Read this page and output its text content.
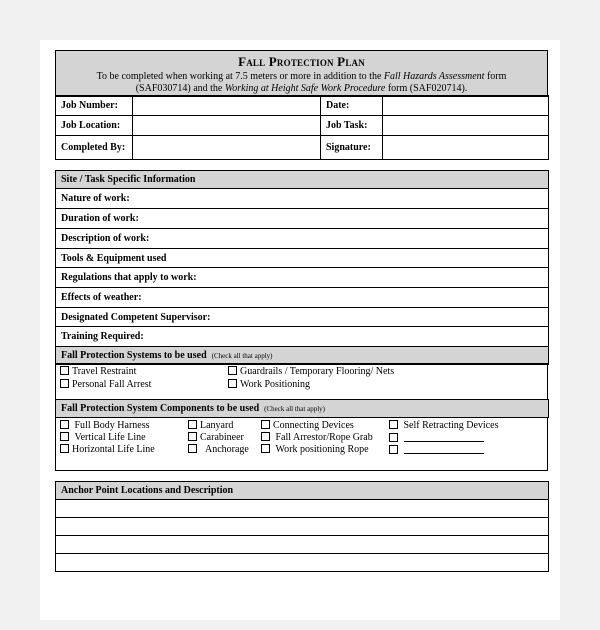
Fall Protection Plan
To be completed when working at 7.5 meters or more in addition to the Fall Hazards Assessment form
(SAF030714) and the Working at Height Safe Work Procedure form (SAF020714).
Job Number:		Date:	
Job Location:		Job Task:	
Completed By:		Signature:	
Site / Task Specific Information
Nature of work:
Duration of work:
Description of work:
Tools & Equipment used
Regulations that apply to work:
Effects of weather:
Designated Competent Supervisor:
Training Required:
Fall Protection Systems to be used (Check all that apply)
Travel Restraint	Guardrails / Temporary Flooring/ Nets
Personal Fall Arrest	Work Positioning
Fall Protection System Components to be used (Check all that apply)
Full Body Harness	Lanyard	Connecting Devices	Self Retracting Devices
Vertical Life Line	Carabineer	Fall Arrestor/Rope Grab
Horizontal Life Line	Anchorage	Work positioning Rope
Anchor Point Locations and Description
